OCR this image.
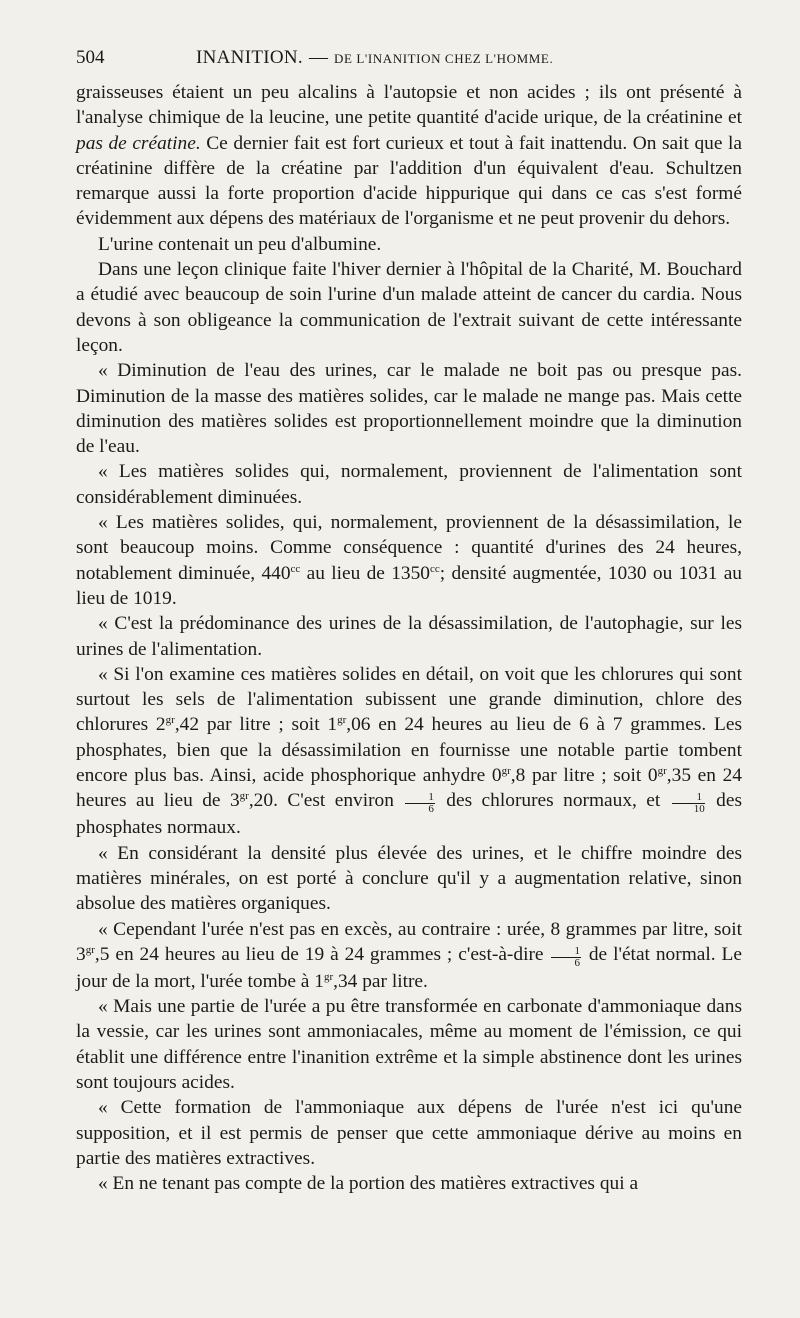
504	INANITION. — DE L'INANITION CHEZ L'HOMME.

graisseuses étaient un peu alcalins à l'autopsie et non acides ; ils ont présenté à l'analyse chimique de la leucine, une petite quantité d'acide urique, de la créatinine et pas de créatine. Ce dernier fait est fort curieux et tout à fait inattendu. On sait que la créatinine diffère de la créatine par l'addition d'un équivalent d'eau. Schultzen remarque aussi la forte proportion d'acide hippurique qui dans ce cas s'est formé évidemment aux dépens des matériaux de l'organisme et ne peut provenir du dehors.

L'urine contenait un peu d'albumine.

Dans une leçon clinique faite l'hiver dernier à l'hôpital de la Charité, M. Bouchard a étudié avec beaucoup de soin l'urine d'un malade atteint de cancer du cardia. Nous devons à son obligeance la communication de l'extrait suivant de cette intéressante leçon.

« Diminution de l'eau des urines, car le malade ne boit pas ou presque pas. Diminution de la masse des matières solides, car le malade ne mange pas. Mais cette diminution des matières solides est proportionnellement moindre que la diminution de l'eau.

« Les matières solides qui, normalement, proviennent de l'alimentation sont considérablement diminuées.

« Les matières solides, qui, normalement, proviennent de la désassimilation, le sont beaucoup moins. Comme conséquence : quantité d'urines des 24 heures, notablement diminuée, $440^{cc}$ au lieu de $1350^{cc}$; densité augmentée, 1030 ou 1031 au lieu de 1019.

« C'est la prédominance des urines de la désassimilation, de l'autophagie, sur les urines de l'alimentation.

« Si l'on examine ces matières solides en détail, on voit que les chlorures qui sont surtout les sels de l'alimentation subissent une grande diminution, chlore des chlorures $2^{gr},42$ par litre ; soit $1^{gr},06$ en 24 heures au lieu de 6 à 7 grammes. Les phosphates, bien que la désassimilation en fournisse une notable partie tombent encore plus bas. Ainsi, acide phosphorique anhydre $0^{gr},8$ par litre ; soit $0^{gr},35$ en 24 heures au lieu de $3^{gr},20$. C'est environ $\frac{1}{6}$ des chlorures normaux, et $\frac{1}{10}$ des phosphates normaux.

« En considérant la densité plus élevée des urines, et le chiffre moindre des matières minérales, on est porté à conclure qu'il y a augmentation relative, sinon absolue des matières organiques.

« Cependant l'urée n'est pas en excès, au contraire : urée, 8 grammes par litre, soit $3^{gr},5$ en 24 heures au lieu de 19 à 24 grammes ; c'est-à-dire $\frac{1}{6}$ de l'état normal. Le jour de la mort, l'urée tombe à $1^{gr},34$ par litre.

« Mais une partie de l'urée a pu être transformée en carbonate d'ammoniaque dans la vessie, car les urines sont ammoniacales, même au moment de l'émission, ce qui établit une différence entre l'inanition extrême et la simple abstinence dont les urines sont toujours acides.

« Cette formation de l'ammoniaque aux dépens de l'urée n'est ici qu'une supposition, et il est permis de penser que cette ammoniaque dérive au moins en partie des matières extractives.

« En ne tenant pas compte de la portion des matières extractives qui a
